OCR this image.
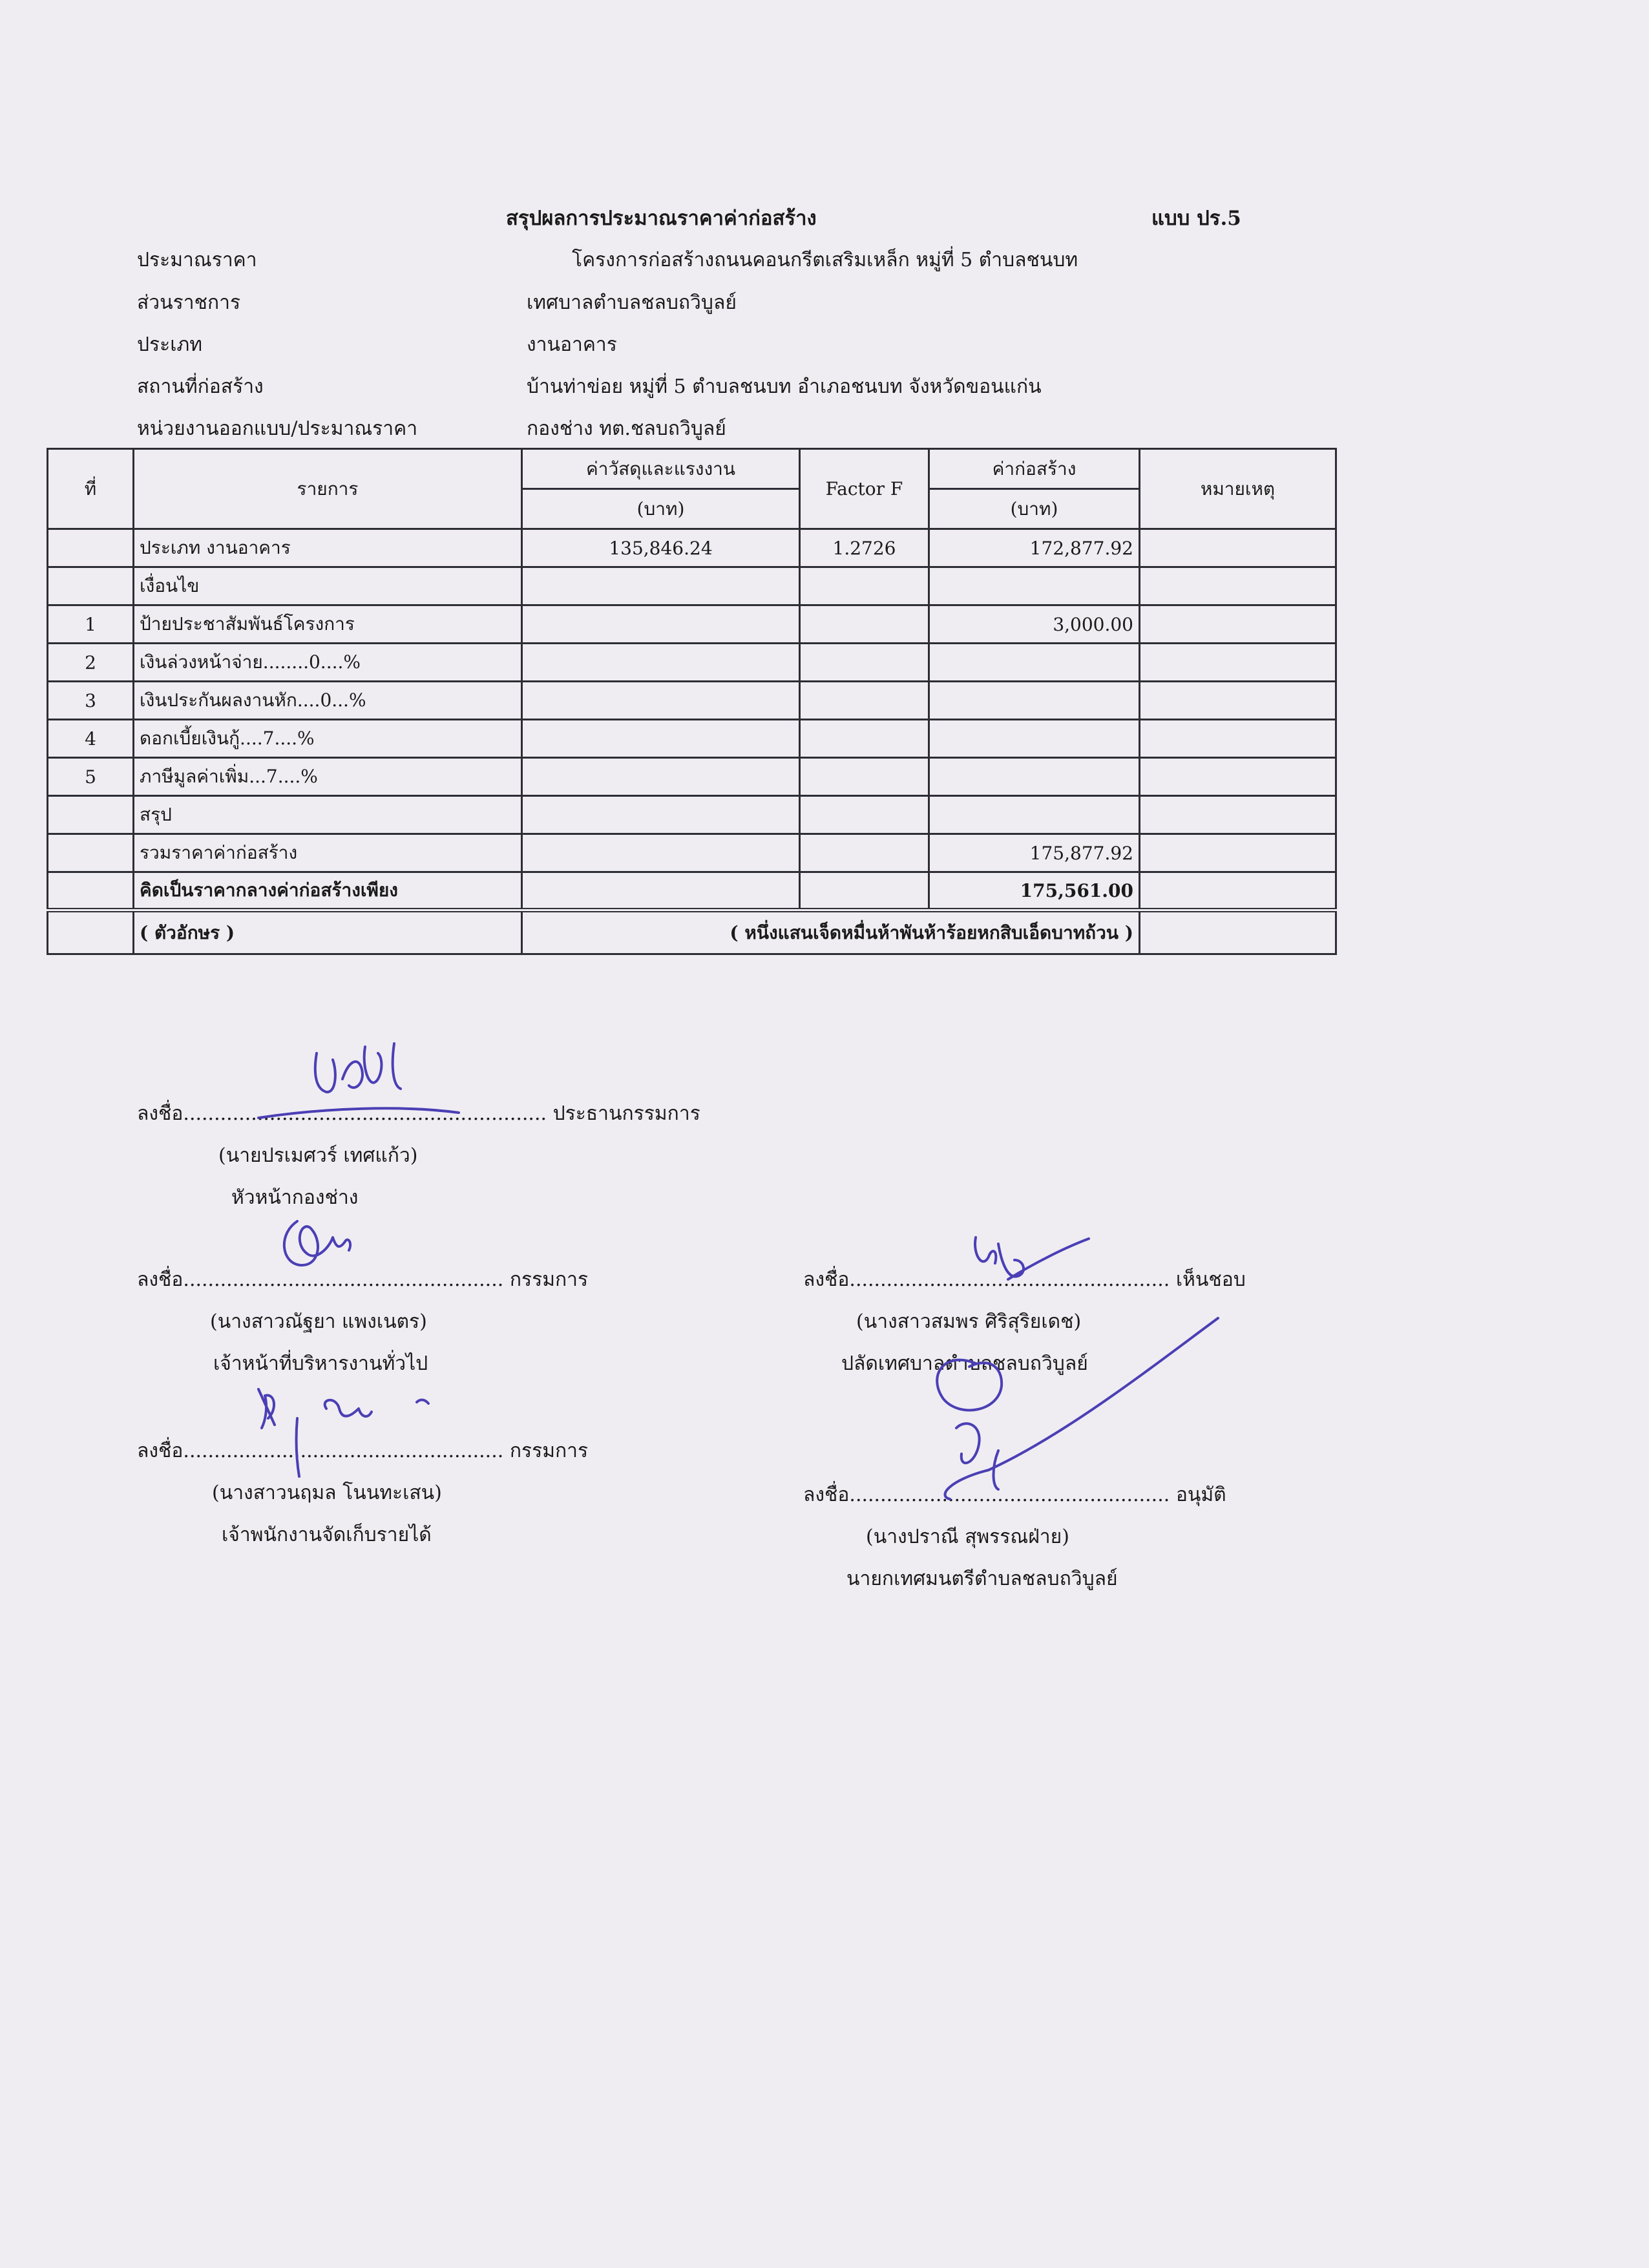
สรุปผลการประมาณราคาค่าก่อสร้าง	แบบ ปร.5
ประมาณราคา	โครงการก่อสร้างถนนคอนกรีตเสริมเหล็ก หมู่ที่ 5 ตำบลชนบท
ส่วนราชการ	เทศบาลตำบลชลบถวิบูลย์
ประเภท	งานอาคาร
สถานที่ก่อสร้าง	บ้านท่าข่อย หมู่ที่ 5 ตำบลชนบท อำเภอชนบท จังหวัดขอนแก่น
หน่วยงานออกแบบ/ประมาณราคา	กองช่าง ทต.ชลบถวิบูลย์
ที่	รายการ	ค่าวัสดุและแรงงาน	Factor F	ค่าก่อสร้าง	หมายเหตุ
		(บาท)		(บาท)	
	ประเภท งานอาคาร	135,846.24	1.2726	172,877.92	
	เงื่อนไข				
1	ป้ายประชาสัมพันธ์โครงการ			3,000.00	
2	เงินล่วงหน้าจ่าย........0....%				
3	เงินประกันผลงานหัก....0...%				
4	ดอกเบี้ยเงินกู้....7....%				
5	ภาษีมูลค่าเพิ่ม...7....%				
	สรุป				
	รวมราคาค่าก่อสร้าง			175,877.92	
	คิดเป็นราคากลางค่าก่อสร้างเพียง			175,561.00	
	( ตัวอักษร )	( หนึ่งแสนเจ็ดหมื่นห้าพันห้าร้อยหกสิบเอ็ดบาทถ้วน )			
ลงชื่อ........................................................... ประธานกรรมการ
(นายปรเมศวร์ เทศแก้ว)
หัวหน้ากองช่าง
ลงชื่อ.................................................... กรรมการ
(นางสาวณัฐยา แพงเนตร)
เจ้าหน้าที่บริหารงานทั่วไป
ลงชื่อ.................................................... กรรมการ
(นางสาวนฤมล โนนทะเสน)
เจ้าพนักงานจัดเก็บรายได้
ลงชื่อ.................................................... เห็นชอบ
(นางสาวสมพร ศิริสุริยเดช)
ปลัดเทศบาลตำบลชลบถวิบูลย์
ลงชื่อ.................................................... อนุมัติ
(นางปราณี สุพรรณฝ่าย)
นายกเทศมนตรีตำบลชลบถวิบูลย์
